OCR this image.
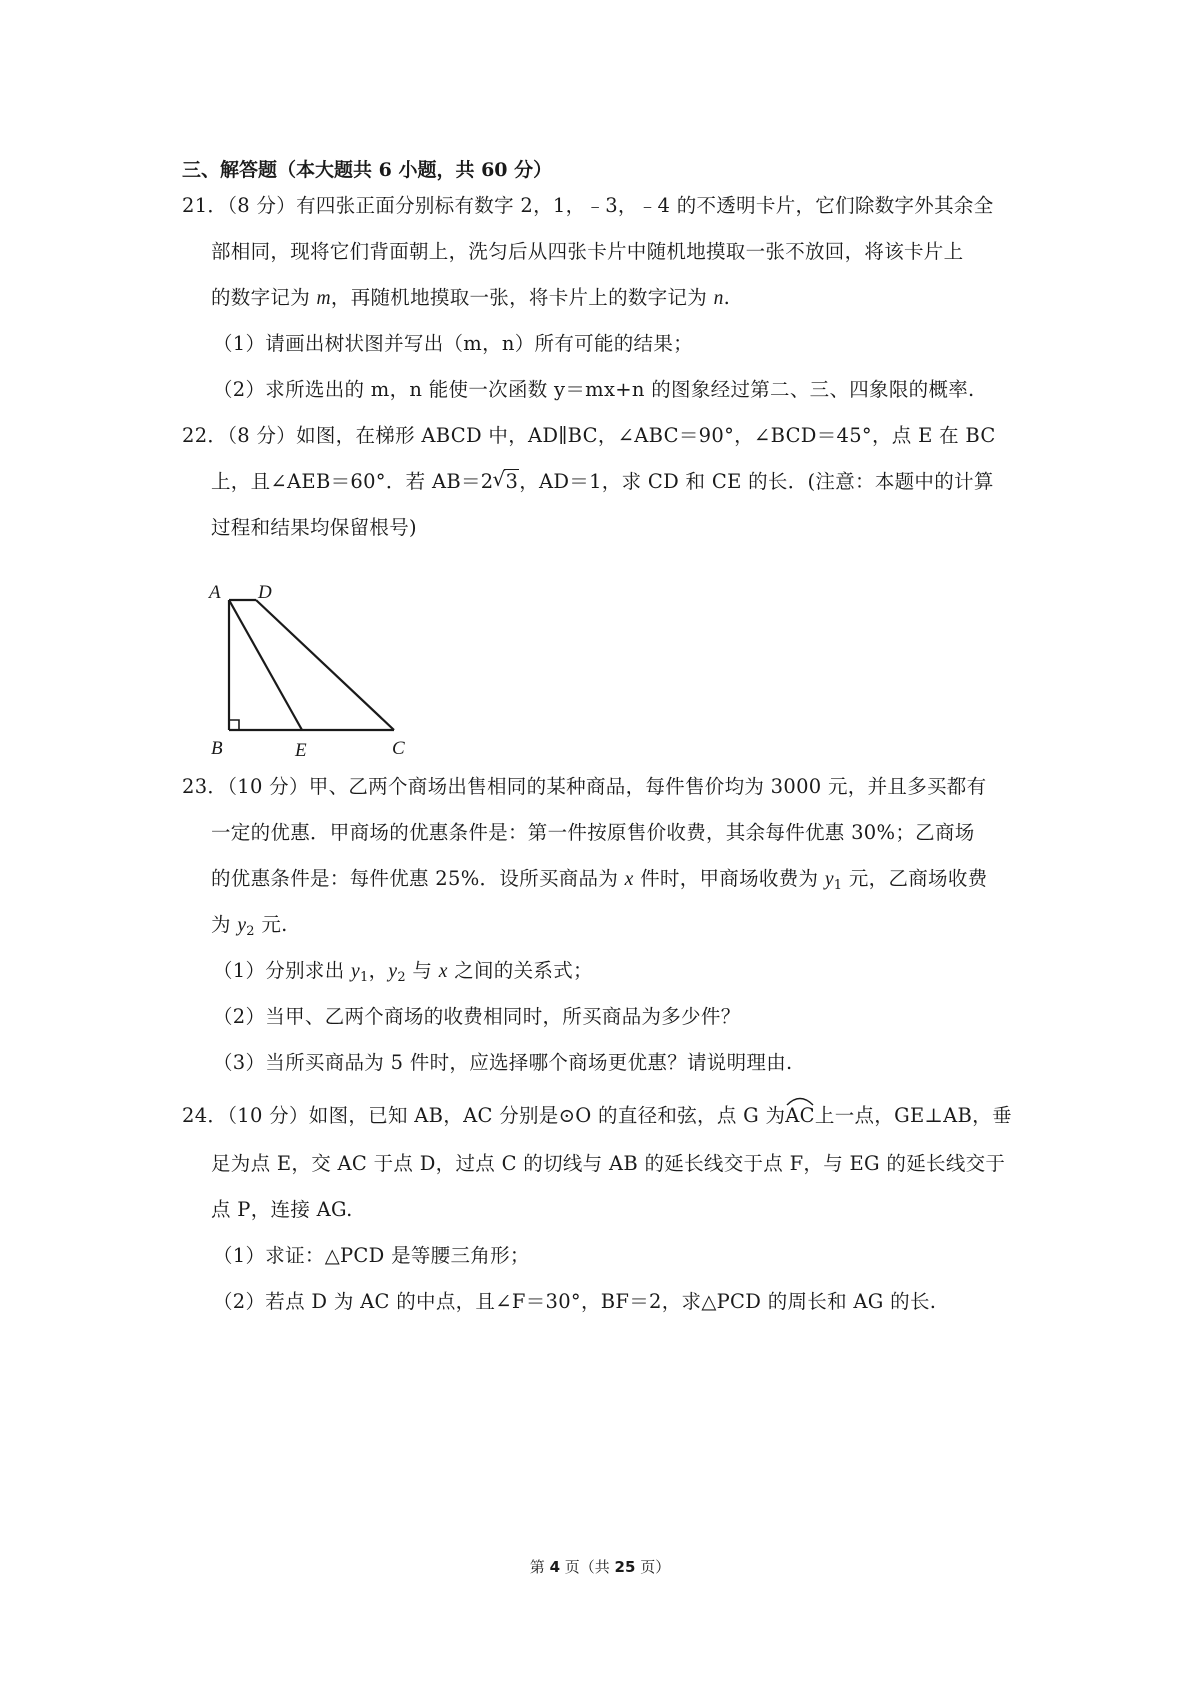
三、解答题（本大题共 6 小题，共 60 分）
21．（8 分）有四张正面分别标有数字 2，1，﹣3，﹣4 的不透明卡片，它们除数字外其余全
部相同，现将它们背面朝上，洗匀后从四张卡片中随机地摸取一张不放回，将该卡片上
的数字记为 m，再随机地摸取一张，将卡片上的数字记为 n.
（1）请画出树状图并写出（m，n）所有可能的结果；
（2）求所选出的 m，n 能使一次函数 y＝mx+n 的图象经过第二、三、四象限的概率.
22．（8 分）如图，在梯形 ABCD 中，AD∥BC，∠ABC＝90°，∠BCD＝45°，点 E 在 BC
上，且∠AEB＝60°．若 AB＝2 √ 3，AD＝1，求 CD 和 CE 的长．(注意：本题中的计算
过程和结果均保留根号)
A D
B	E	C
23．（10 分）甲、乙两个商场出售相同的某种商品，每件售价均为 3000 元，并且多买都有
一定的优惠．甲商场的优惠条件是：第一件按原售价收费，其余每件优惠 30%；乙商场
的优惠条件是：每件优惠 25%．设所买商品为 x 件时，甲商场收费为 $y_1$ 元，乙商场收费
为 $y_2$ 元.
（1）分别求出 $y_1$，$y_2$ 与 x 之间的关系式；
（2）当甲、乙两个商场的收费相同时，所买商品为多少件？
（3）当所买商品为 5 件时，应选择哪个商场更优惠？请说明理由.
24．（10 分）如图，已知 AB，AC 分别是⊙O 的直径和弦，点 G 为
AC上一点，GE⊥AB，垂
足为点 E，交 AC 于点 D，过点 C 的切线与 AB 的延长线交于点 F，与 EG 的延长线交于
点 P，连接 AG.
（1）求证：△PCD 是等腰三角形；
（2）若点 D 为 AC 的中点，且∠F＝30°，BF＝2，求△PCD 的周长和 AG 的长.
第 4 页（共 25 页）
